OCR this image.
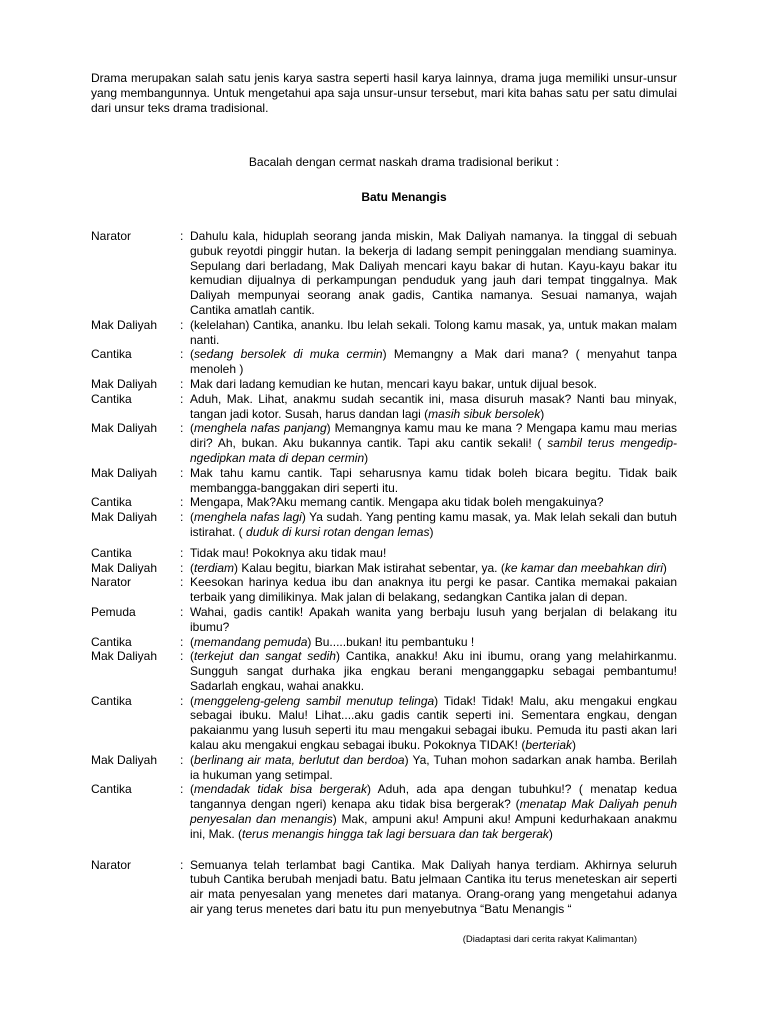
Drama merupakan salah satu jenis karya sastra seperti hasil karya lainnya, drama juga memiliki unsur-unsur yang membangunnya. Untuk mengetahui apa saja unsur-unsur tersebut, mari kita bahas satu per satu dimulai dari unsur teks drama tradisional.

Bacalah dengan cermat naskah drama tradisional berikut :

Batu Menangis

Narator	: Dahulu kala, hiduplah seorang janda miskin, Mak Daliyah namanya. Ia tinggal di sebuah gubuk reyotdi pinggir hutan. Ia bekerja di ladang sempit peninggalan mendiang suaminya. Sepulang dari berladang, Mak Daliyah mencari kayu bakar di hutan. Kayu-kayu bakar itu kemudian dijualnya di perkampungan penduduk yang jauh dari tempat tinggalnya. Mak Daliyah mempunyai seorang anak gadis, Cantika namanya. Sesuai namanya, wajah Cantika amatlah cantik.
Mak Daliyah	: (kelelahan) Cantika, ananku. Ibu lelah sekali. Tolong kamu masak, ya, untuk makan malam nanti.
Cantika	: (sedang bersolek di muka cermin) Memangny a Mak dari mana? ( menyahut tanpa menoleh )
Mak Daliyah	: Mak dari ladang kemudian ke hutan, mencari kayu bakar, untuk dijual besok.
Cantika	: Aduh, Mak. Lihat, anakmu sudah secantik ini, masa disuruh masak? Nanti bau minyak, tangan jadi kotor. Susah, harus dandan lagi (masih sibuk bersolek)
Mak Daliyah	: (menghela nafas panjang) Memangnya kamu mau ke mana ? Mengapa kamu mau merias diri? Ah, bukan. Aku bukannya cantik. Tapi aku cantik sekali! ( sambil terus mengedip-ngedipkan mata di depan cermin)
Mak Daliyah	: Mak tahu kamu cantik. Tapi seharusnya kamu tidak boleh bicara begitu. Tidak baik membangga-banggakan diri seperti itu.
Cantika	: Mengapa, Mak?Aku memang cantik. Mengapa aku tidak boleh mengakuinya?
Mak Daliyah	: (menghela nafas lagi) Ya sudah. Yang penting kamu masak, ya. Mak lelah sekali dan butuh istirahat. ( duduk di kursi rotan dengan lemas)
Cantika	: Tidak mau! Pokoknya aku tidak mau!
Mak Daliyah	: (terdiam) Kalau begitu, biarkan Mak istirahat sebentar, ya. (ke kamar dan meebahkan diri)
Narator	: Keesokan harinya kedua ibu dan anaknya itu pergi ke pasar. Cantika memakai pakaian terbaik yang dimilikinya. Mak jalan di belakang, sedangkan Cantika jalan di depan.
Pemuda	: Wahai, gadis cantik! Apakah wanita yang berbaju lusuh yang berjalan di belakang itu ibumu?
Cantika	: (memandang pemuda) Bu.....bukan! itu pembantuku !
Mak Daliyah	: (terkejut dan sangat sedih) Cantika, anakku! Aku ini ibumu, orang yang melahirkanmu. Sungguh sangat durhaka jika engkau berani menganggapku sebagai pembantumu! Sadarlah engkau, wahai anakku.
Cantika	: (menggeleng-geleng sambil menutup telinga) Tidak! Tidak! Malu, aku mengakui engkau sebagai ibuku. Malu! Lihat....aku gadis cantik seperti ini. Sementara engkau, dengan pakaianmu yang lusuh seperti itu mau mengakui sebagai ibuku. Pemuda itu pasti akan lari kalau aku mengakui engkau sebagai ibuku. Pokoknya TIDAK! (berteriak)
Mak Daliyah	: (berlinang air mata, berlutut dan berdoa) Ya, Tuhan mohon sadarkan anak hamba. Berilah ia hukuman yang setimpal.
Cantika	: (mendadak tidak bisa bergerak) Aduh, ada apa dengan tubuhku!? ( menatap kedua tangannya dengan ngeri) kenapa aku tidak bisa bergerak? (menatap Mak Daliyah penuh penyesalan dan menangis) Mak, ampuni aku! Ampuni aku! Ampuni kedurhakaan anakmu ini, Mak. (terus menangis hingga tak lagi bersuara dan tak bergerak)
Narator	: Semuanya telah terlambat bagi Cantika. Mak Daliyah hanya terdiam. Akhirnya seluruh tubuh Cantika berubah menjadi batu. Batu jelmaan Cantika itu terus meneteskan air seperti air mata penyesalan yang menetes dari matanya. Orang-orang yang mengetahui adanya air yang terus menetes dari batu itu pun menyebutnya “Batu Menangis “
(Diadaptasi dari cerita rakyat Kalimantan)
